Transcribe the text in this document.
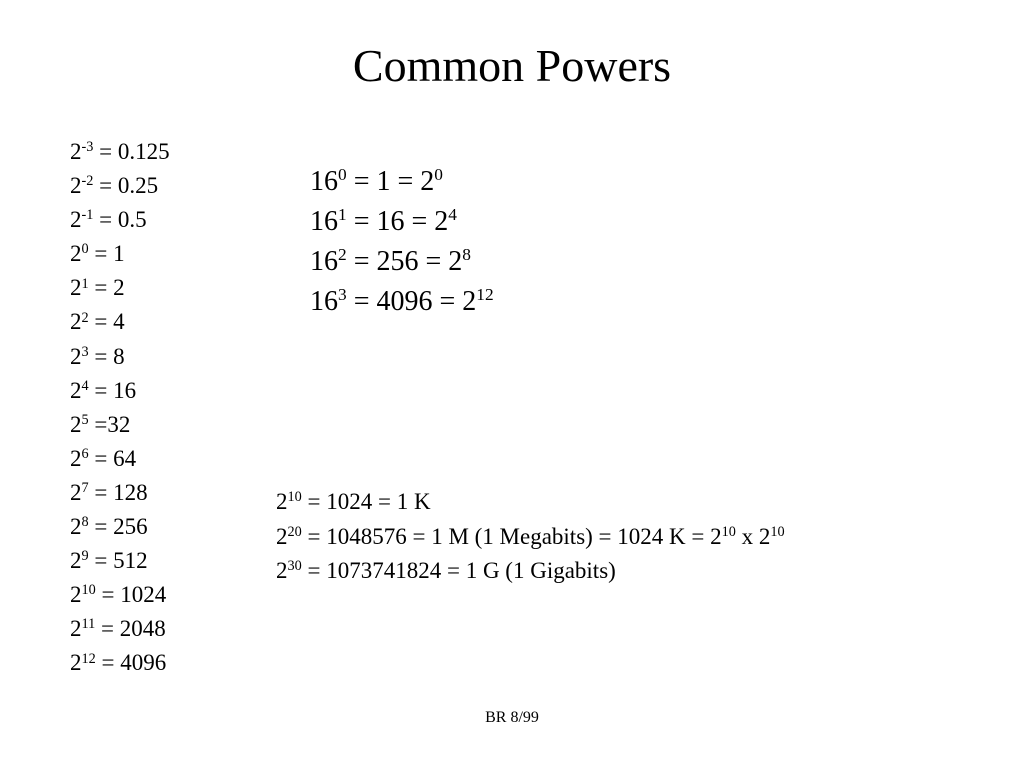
Common Powers
$2^{-3} = 0.125$
$2^{-2} = 0.25$
$2^{-1} = 0.5$
$2^0 = 1$
$2^1 = 2$
$2^2 = 4$
$2^3 = 8$
$2^4 = 16$
$2^5 =32$
$2^6 = 64$
$2^7 = 128$
$2^8 = 256$
$2^9 = 512$
$2^{10} = 1024$
$2^{11} = 2048$
$2^{12} = 4096$
$16^0 = 1 = 2^0$
$16^1 = 16 = 2^4$
$16^2 = 256 = 2^8$
$16^3 = 4096 = 2^{12}$
$2^{10} = 1024 = 1$ K
$2^{20} = 1048576 = 1$ M (1 Megabits) = 1024 $K = 2^{10}$ x $2^{10}$
$2^{30} = 1073741824 = 1$ G (1 Gigabits)
BR 8/99
